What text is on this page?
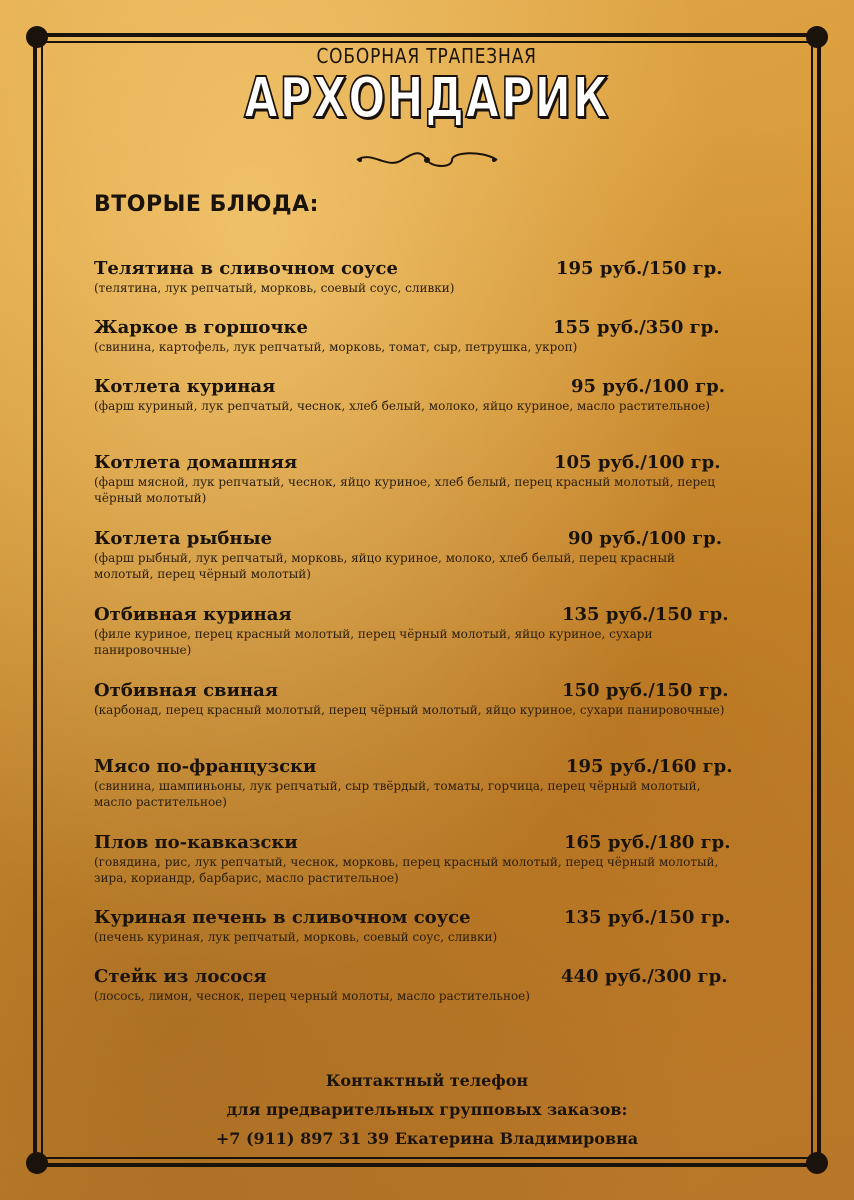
СОБОРНАЯ ТРАПЕЗНАЯ
АРХОНДАРИК
ВТОРЫЕ БЛЮДА:
Телятина в сливочном соусе	195 руб./150 гр.
(телятина, лук репчатый, морковь, соевый соус, сливки)
Жаркое в горшочке	155 руб./350 гр.
(свинина, картофель, лук репчатый, морковь, томат, сыр, петрушка, укроп)
Котлета куриная	95 руб./100 гр.
(фарш куриный, лук репчатый, чеснок, хлеб белый, молоко, яйцо куриное, масло растительное)
Котлета домашняя	105 руб./100 гр.
(фарш мясной, лук репчатый, чеснок, яйцо куриное, хлеб белый, перец красный молотый, перец чёрный молотый)
Котлета рыбные	90 руб./100 гр.
(фарш рыбный, лук репчатый, морковь, яйцо куриное, молоко, хлеб белый, перец красный молотый, перец чёрный молотый)
Отбивная куриная	135 руб./150 гр.
(филе куриное, перец красный молотый, перец чёрный молотый, яйцо куриное, сухари панировочные)
Отбивная свиная	150 руб./150 гр.
(карбонад, перец красный молотый, перец чёрный молотый, яйцо куриное, сухари панировочные)
Мясо по-французски	195 руб./160 гр.
(свинина, шампиньоны, лук репчатый, сыр твёрдый, томаты, горчица, перец чёрный молотый, масло растительное)
Плов по-кавказски	165 руб./180 гр.
(говядина, рис, лук репчатый, чеснок, морковь, перец красный молотый, перец чёрный молотый, зира, кориандр, барбарис, масло растительное)
Куриная печень в сливочном соусе	135 руб./150 гр.
(печень куриная, лук репчатый, морковь, соевый соус, сливки)
Стейк из лосося	440 руб./300 гр.
(лосось, лимон, чеснок, перец черный молоты, масло растительное)
Контактный телефон
для предварительных групповых заказов:
+7 (911) 897 31 39 Екатерина Владимировна
